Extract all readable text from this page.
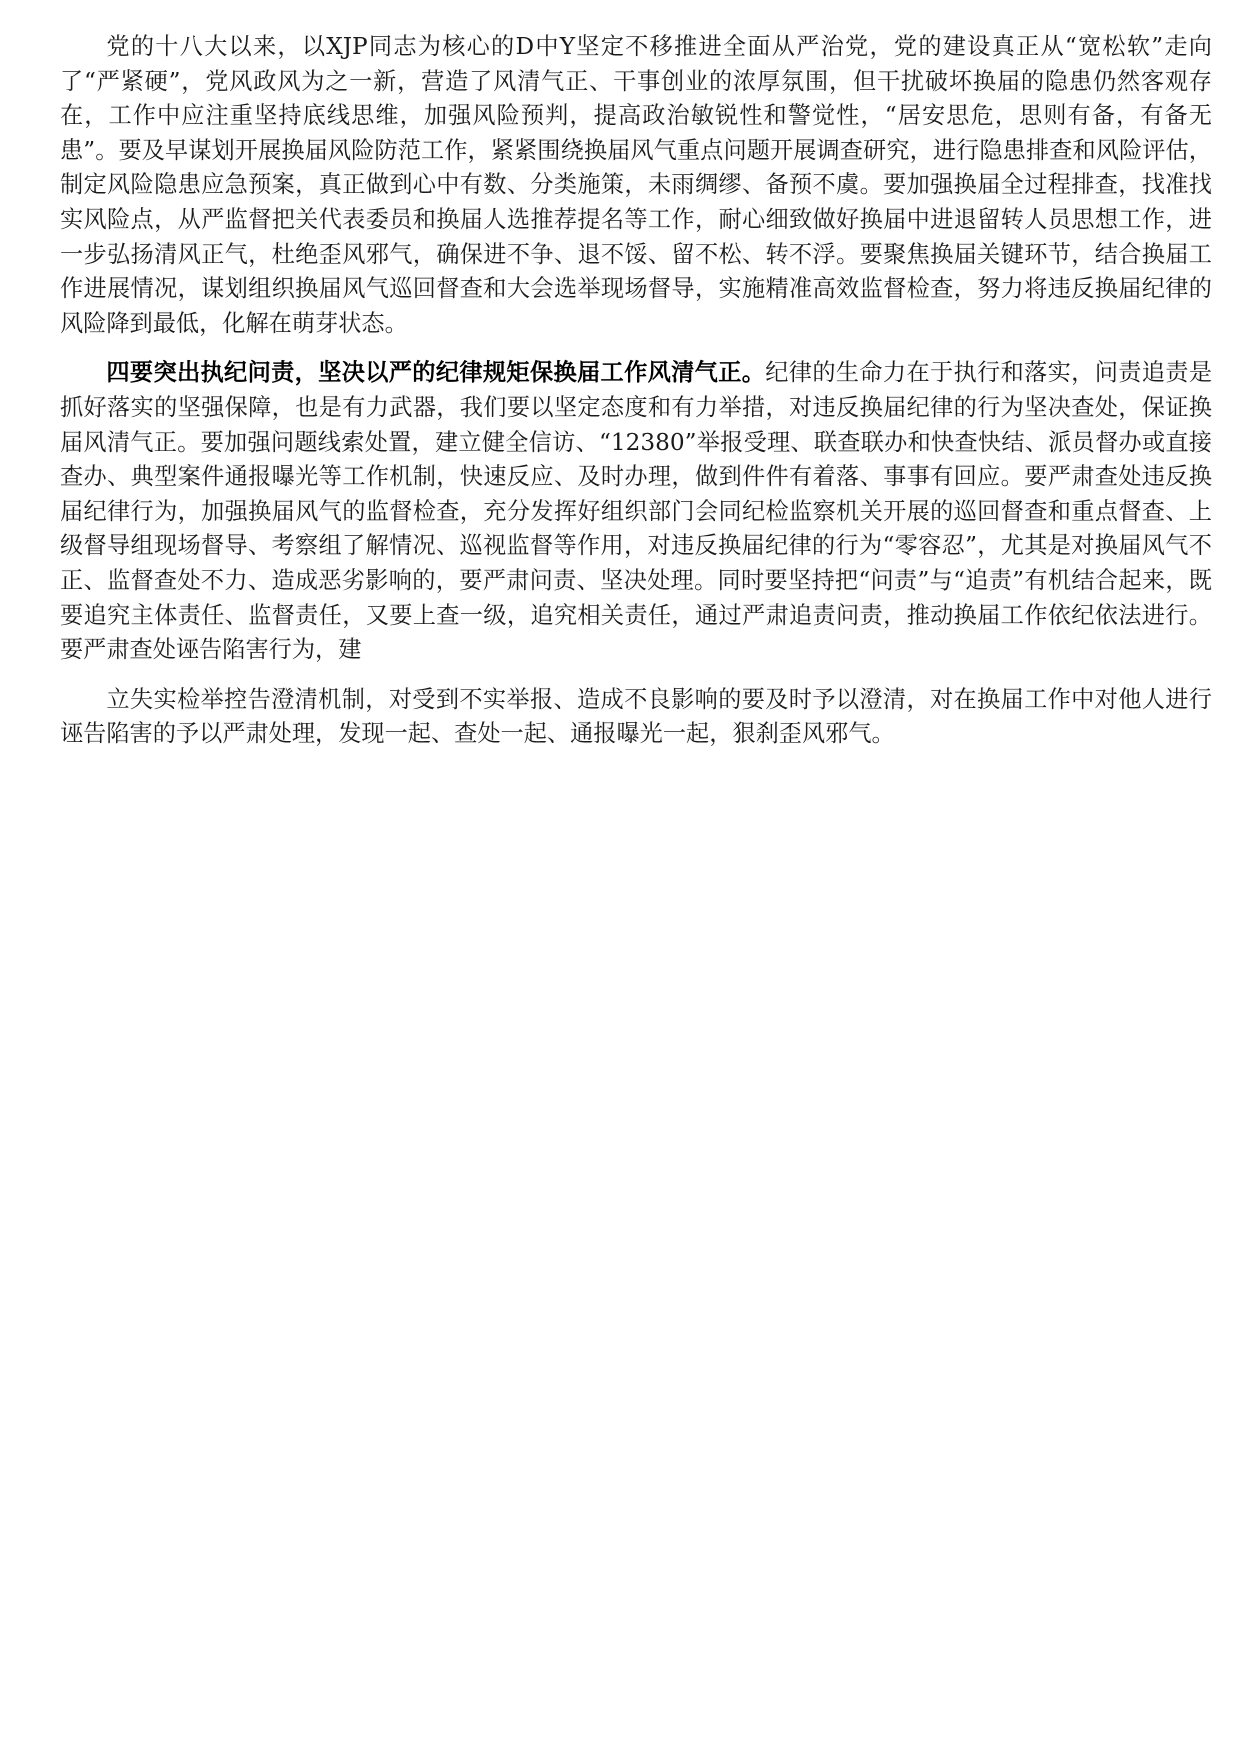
党的十八大以来，以XJP同志为核心的D中Y坚定不移推进全面从严治党，党的建设真正从“宽松软”走向了“严紧硬”，党风政风为之一新，营造了风清气正、干事创业的浓厚氛围，但干扰破坏换届的隐患仍然客观存在，工作中应注重坚持底线思维，加强风险预判，提高政治敏锐性和警觉性，“居安思危，思则有备，有备无患”。要及早谋划开展换届风险防范工作，紧紧围绕换届风气重点问题开展调查研究，进行隐患排查和风险评估，制定风险隐患应急预案，真正做到心中有数、分类施策，未雨绸缪、备预不虞。要加强换届全过程排查，找准找实风险点，从严监督把关代表委员和换届人选推荐提名等工作，耐心细致做好换届中进退留转人员思想工作，进一步弘扬清风正气，杜绝歪风邪气，确保进不争、退不馁、留不松、转不浮。要聚焦换届关键环节，结合换届工作进展情况，谋划组织换届风气巡回督查和大会选举现场督导，实施精准高效监督检查，努力将违反换届纪律的风险降到最低，化解在萌芽状态。

四要突出执纪问责，坚决以严的纪律规矩保换届工作风清气正。纪律的生命力在于执行和落实，问责追责是抓好落实的坚强保障，也是有力武器，我们要以坚定态度和有力举措，对违反换届纪律的行为坚决查处，保证换届风清气正。要加强问题线索处置，建立健全信访、“12380”举报受理、联查联办和快查快结、派员督办或直接查办、典型案件通报曝光等工作机制，快速反应、及时办理，做到件件有着落、事事有回应。要严肃查处违反换届纪律行为，加强换届风气的监督检查，充分发挥好组织部门会同纪检监察机关开展的巡回督查和重点督查、上级督导组现场督导、考察组了解情况、巡视监督等作用，对违反换届纪律的行为“零容忍”，尤其是对换届风气不正、监督查处不力、造成恶劣影响的，要严肃问责、坚决处理。同时要坚持把“问责”与“追责”有机结合起来，既要追究主体责任、监督责任，又要上查一级，追究相关责任，通过严肃追责问责，推动换届工作依纪依法进行。要严肃查处诬告陷害行为，建

立失实检举控告澄清机制，对受到不实举报、造成不良影响的要及时予以澄清，对在换届工作中对他人进行诬告陷害的予以严肃处理，发现一起、查处一起、通报曝光一起，狠刹歪风邪气。
